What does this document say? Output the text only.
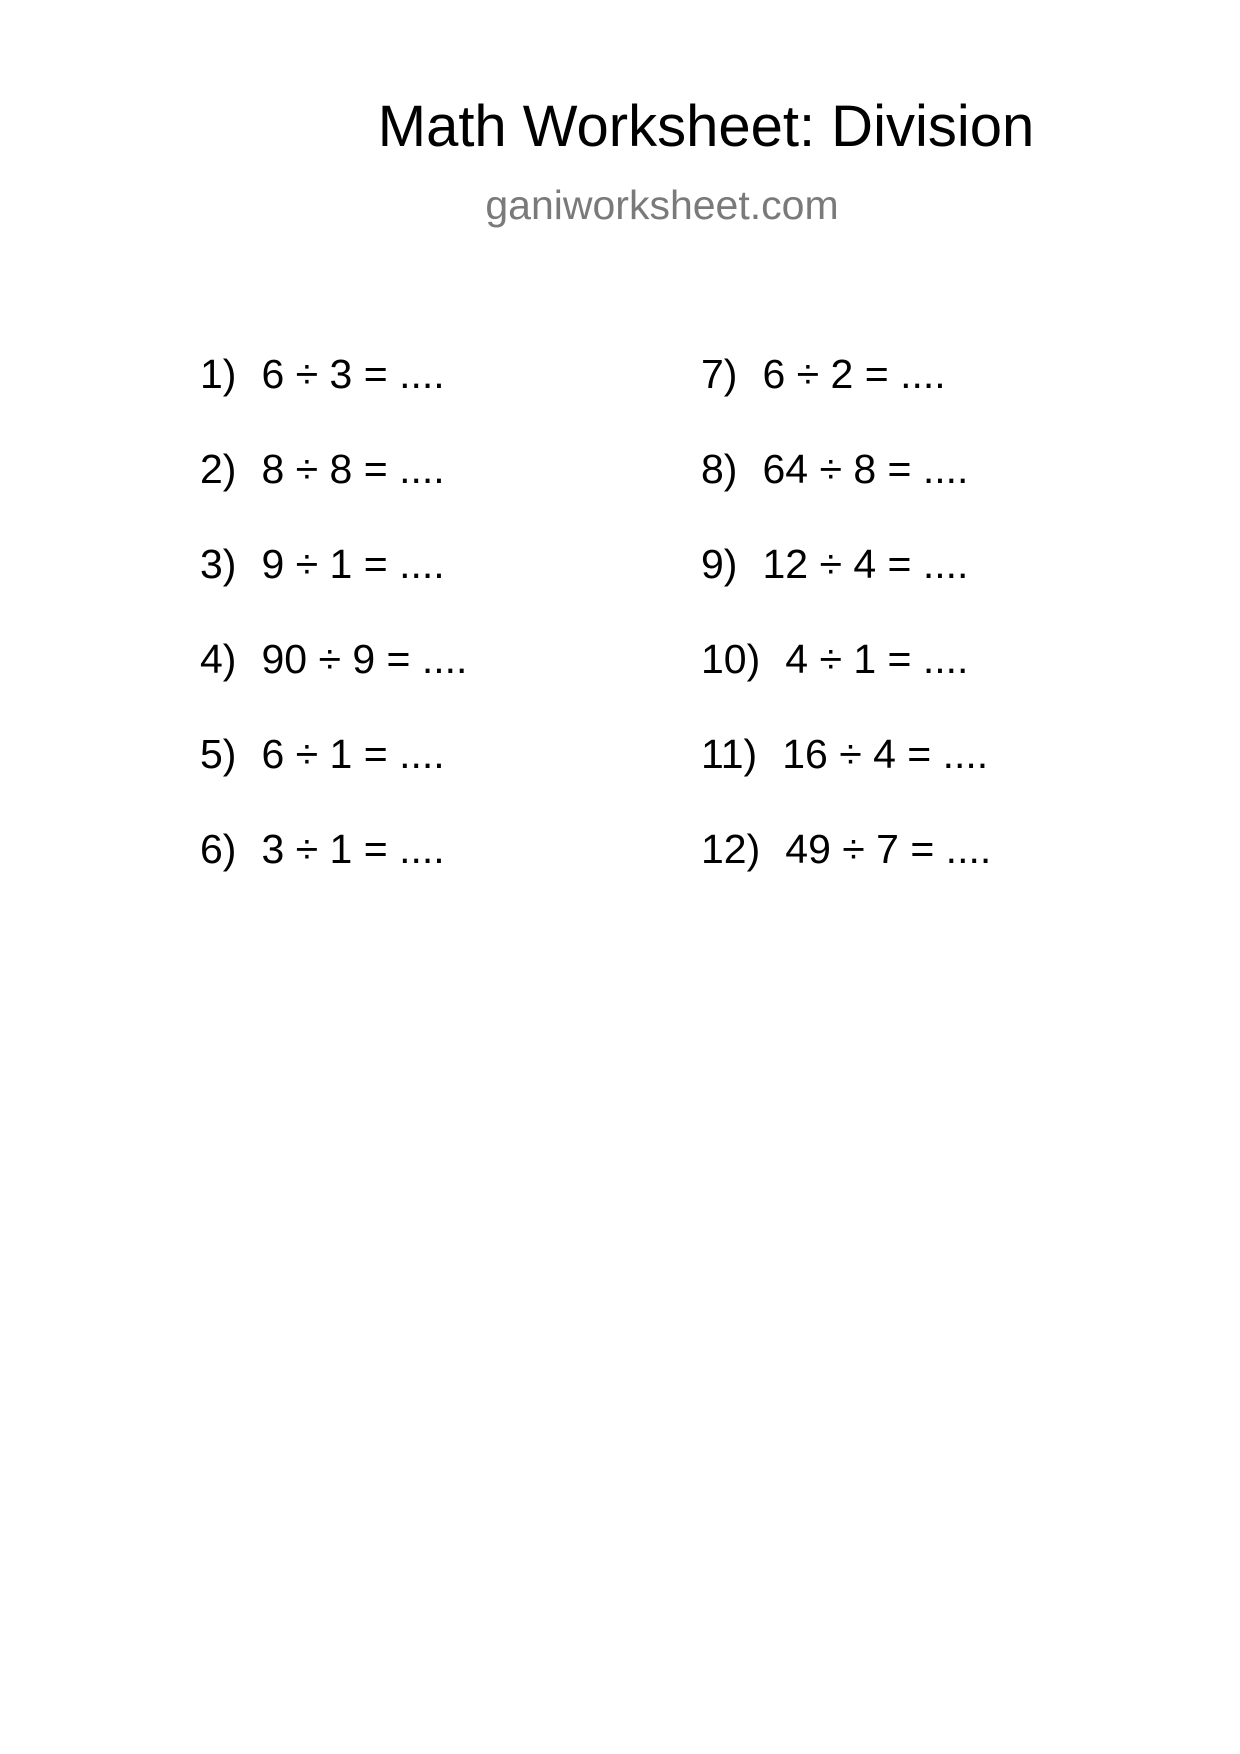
Math Worksheet: Division
ganiworksheet.com
1) 6 ÷ 3 = ....
2) 8 ÷ 8 = ....
3) 9 ÷ 1 = ....
4) 90 ÷ 9 = ....
5) 6 ÷ 1 = ....
6) 3 ÷ 1 = ....
7) 6 ÷ 2 = ....
8) 64 ÷ 8 = ....
9) 12 ÷ 4 = ....
10) 4 ÷ 1 = ....
11) 16 ÷ 4 = ....
12) 49 ÷ 7 = ....
